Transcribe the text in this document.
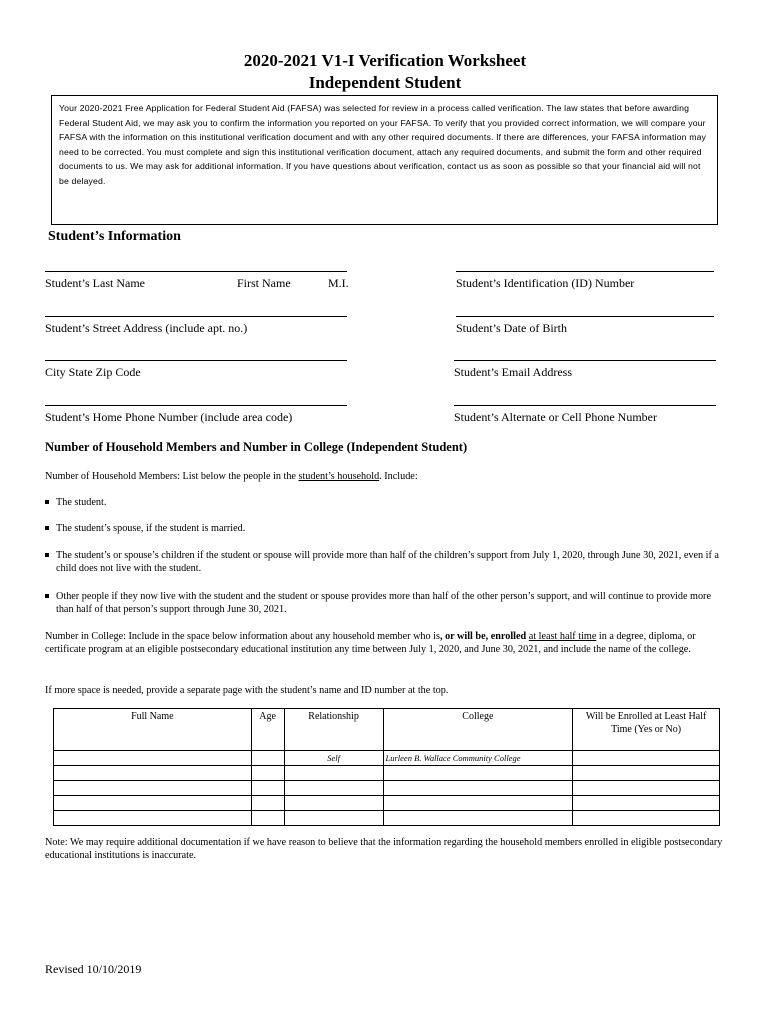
2020-2021 V1-I Verification Worksheet
Independent Student
Your 2020-2021 Free Application for Federal Student Aid (FAFSA) was selected for review in a process called verification. The law states that before awarding Federal Student Aid, we may ask you to confirm the information you reported on your FAFSA. To verify that you provided correct information, we will compare your FAFSA with the information on this institutional verification document and with any other required documents. If there are differences, your FAFSA information may need to be corrected. You must complete and sign this institutional verification document, attach any required documents, and submit the form and other required documents to us. We may ask for additional information. If you have questions about verification, contact us as soon as possible so that your financial aid will not be delayed.
Student’s Information
Student’s Last Name	First Name	M.I.	Student’s Identification (ID) Number
Student’s Street Address (include apt. no.)	Student’s Date of Birth
City State Zip Code	Student’s Email Address
Student’s Home Phone Number (include area code)	Student’s Alternate or Cell Phone Number
Number of Household Members and Number in College (Independent Student)
Number of Household Members: List below the people in the student’s household. Include:
The student.
The student’s spouse, if the student is married.
The student’s or spouse’s children if the student or spouse will provide more than half of the children’s support from July 1, 2020, through June 30, 2021, even if a child does not live with the student.
Other people if they now live with the student and the student or spouse provides more than half of the other person’s support, and will continue to provide more than half of that person’s support through June 30, 2021.
Number in College: Include in the space below information about any household member who is, or will be, enrolled at least half time in a degree, diploma, or certificate program at an eligible postsecondary educational institution any time between July 1, 2020, and June 30, 2021, and include the name of the college.
If more space is needed, provide a separate page with the student’s name and ID number at the top.
Full Name	Age	Relationship	College	Will be Enrolled at Least Half Time (Yes or No)
		Self	Lurleen B. Wallace Community College	

Note: We may require additional documentation if we have reason to believe that the information regarding the household members enrolled in eligible postsecondary educational institutions is inaccurate.
Revised 10/10/2019
